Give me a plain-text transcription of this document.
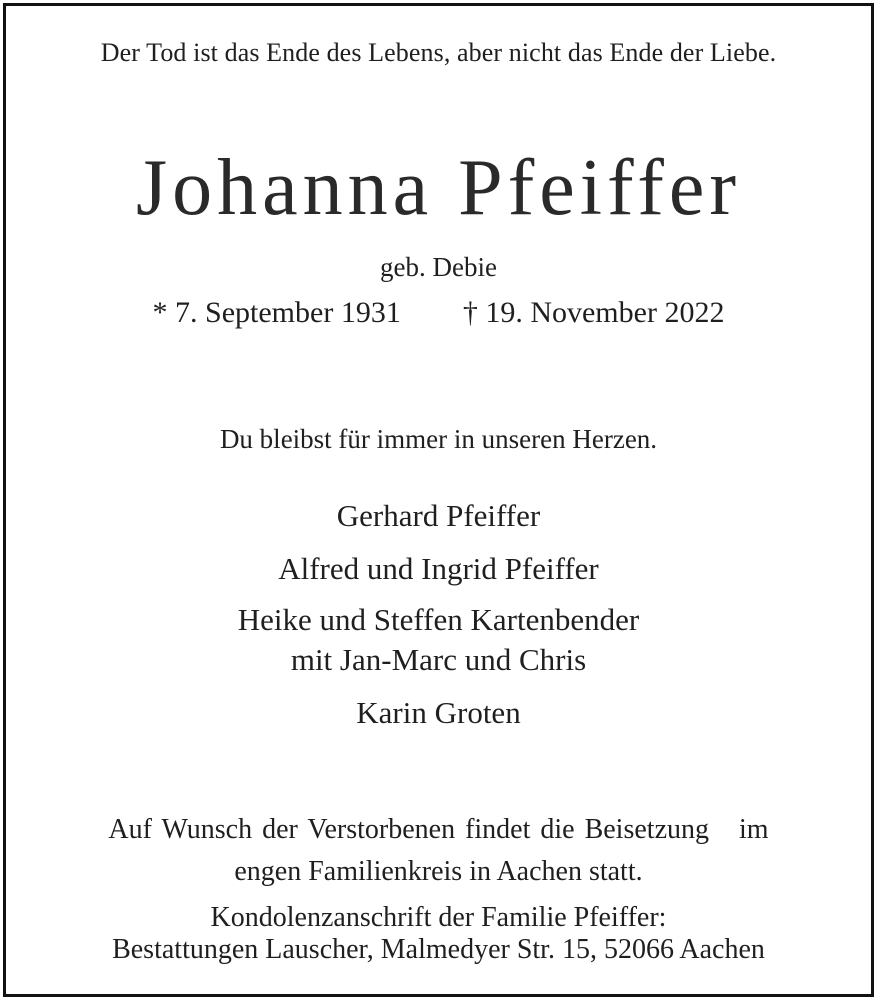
Der Tod ist das Ende des Lebens, aber nicht das Ende der Liebe.
Johanna Pfeiffer
geb. Debie
* 7. September 1931 † 19. November 2022
Du bleibst für immer in unseren Herzen.
Gerhard Pfeiffer
Alfred und Ingrid Pfeiffer
Heike und Steffen Kartenbender
mit Jan-Marc und Chris
Karin Groten
Auf Wunsch der Verstorbenen findet die Beisetzung   im
engen Familienkreis in Aachen statt.
Kondolenzanschrift der Familie Pfeiffer:
Bestattungen Lauscher, Malmedyer Str. 15, 52066 Aachen
